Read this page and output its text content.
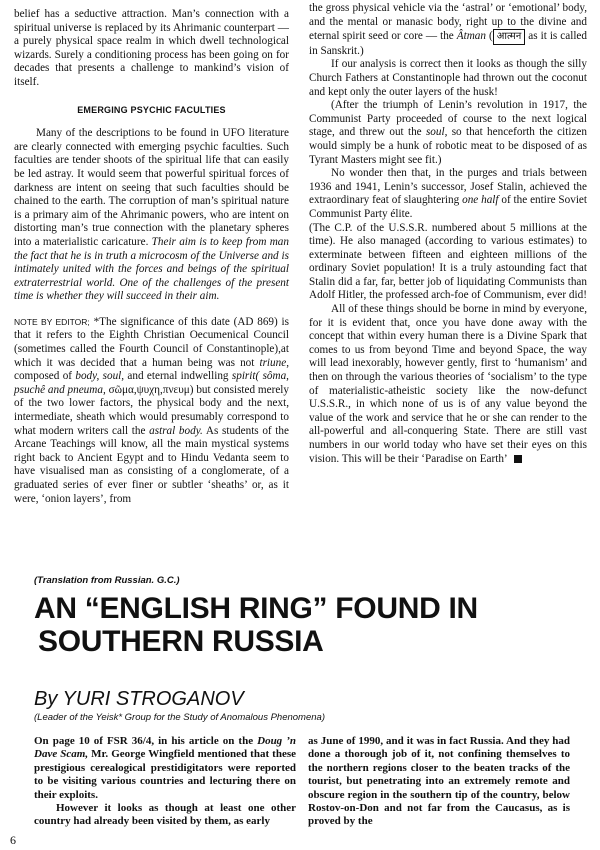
belief has a seductive attraction. Man’s connection with a spiritual universe is replaced by its Ahrimanic counterpart — a purely physical space realm in which dwell technological wizards. Surely a conditioning process has been going on for decades that presents a challenge to mankind’s vision of itself.

EMERGING PSYCHIC FACULTIES

Many of the descriptions to be found in UFO literature are clearly connected with emerging psychic faculties. Such faculties are tender shoots of the spiritual life that can easily be led astray. It would seem that powerful spiritual forces of darkness are intent on seeing that such faculties should be chained to the earth. The corruption of man’s spiritual nature is a primary aim of the Ahrimanic powers, who are intent on distorting man’s true connection with the planetary spheres into a materialistic caricature. Their aim is to keep from man the fact that he is in truth a microcosm of the Universe and is intimately united with the forces and beings of the spiritual extraterrestrial world. One of the challenges of the present time is whether they will succeed in their aim.

NOTE BY EDITOR; *The significance of this date (AD 869) is that it refers to the Eighth Christian Oecumenical Council (sometimes called the Fourth Council of Constantinople),at which it was decided that a human being was not triune, composed of body, soul, and eternal indwelling spirit( sôma, psuchê and pneuma, σῶμα,ψυχη,πνευμ) but consisted merely of the two lower factors, the physical body and the next, intermediate, sheath which would presumably correspond to what modern writers call the astral body. As students of the Arcane Teachings will know, all the main mystical systems right back to Ancient Egypt and to Hindu Vedanta seem to have visualised man as consisting of a conglomerate, of a graduated series of ever finer or subtler ‘sheaths’ or, as it were, ‘onion layers’, from

the gross physical vehicle via the ‘astral’ or ‘emotional’ body, and the mental or manasic body, right up to the divine and eternal spirit seed or core — the Âtman ( आत्मन as it is called in Sanskrit.)

If our analysis is correct then it looks as though the silly Church Fathers at Constantinople had thrown out the coconut and kept only the outer layers of the husk!

(After the triumph of Lenin’s revolution in 1917, the Communist Party proceeded of course to the next logical stage, and threw out the soul, so that henceforth the citizen would simply be a hunk of robotic meat to be disposed of as Tyrant Masters might see fit.)

No wonder then that, in the purges and trials between 1936 and 1941, Lenin’s successor, Josef Stalin, achieved the extraordinary feat of slaughtering one half of the entire Soviet Communist Party élite.

(The C.P. of the U.S.S.R. numbered about 5 millions at the time). He also managed (according to various estimates) to exterminate between fifteen and eighteen millions of the ordinary Soviet population! It is a truly astounding fact that Stalin did a far, far, better job of liquidating Communists than Adolf Hitler, the professed arch-foe of Communism, ever did!

All of these things should be borne in mind by everyone, for it is evident that, once you have done away with the concept that within every human there is a Divine Spark that comes to us from beyond Time and beyond Space, the way will lead inexorably, however gently, first to ‘humanism’ and then on through the various theories of ‘socialism’ to the type of materialistic-atheistic society like the now-defunct U.S.S.R., in which none of us is of any value beyond the value of the work and service that he or she can render to the all-powerful and all-conquering State. There are still vast numbers in our world today who have set their eyes on this vision. This will be their ‘Paradise on Earth’

(Translation from Russian. G.C.)
AN “ENGLISH RING” FOUND IN
SOUTHERN RUSSIA
By YURI STROGANOV
(Leader of the Yeisk* Group for the Study of Anomalous Phenomena)

On page 10 of FSR 36/4, in his article on the Doug ’n Dave Scam, Mr. George Wingfield mentioned that these prestigious cerealogical prestidigitators were reported to be visiting various countries and lecturing there on their exploits.

However it looks as though at least one other country had already been visited by them, as early

as June of 1990, and it was in fact Russia. And they had done a thorough job of it, not confining themselves to the northern regions closer to the beaten tracks of the tourist, but penetrating into an extremely remote and obscure region in the southern tip of the country, below Rostov-on-Don and not far from the Caucasus, as is proved by the

6
